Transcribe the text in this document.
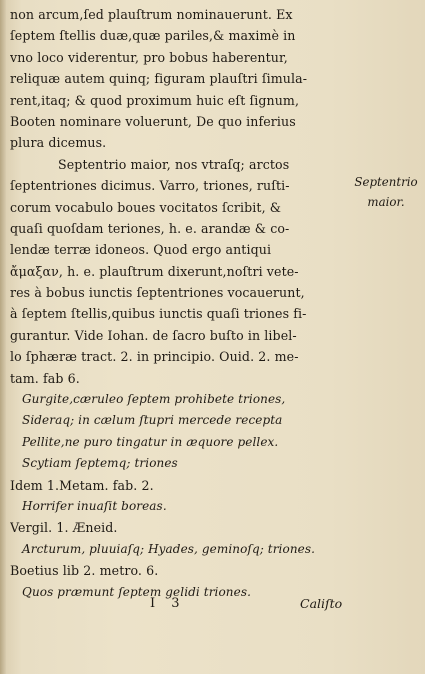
non arcum,ſed plauſtrum nominauerunt. Ex
ſeptem ſtellis duæ,quæ pariles,& maximè in
vno loco viderentur, pro bobus haberentur,
reliquæ autem quinq; figuram plauſtri ſimula-
rent,itaq; & quod proximum huic eſt ſignum,
Booten nominare voluerunt, De quo inferius
plura dicemus.
Septentrio maior, nos vtraſq; arctos
ſeptentriones dicimus. Varro, triones, ruſti-
corum vocabulo boues vocitatos ſcribit, &
quaſi quoſdam teriones, h. e. arandæ & co-
lendæ terræ idoneos. Quod ergo antiqui
ἄμαξαν, h. e. plauſtrum dixerunt,noſtri vete-
res à bobus iunctis ſeptentriones vocauerunt,
à ſeptem ſtellis,quibus iunctis quaſi triones fi-
gurantur. Vide Iohan. de ſacro buſto in libel-
lo ſphæræ tract. 2. in principio. Ouid. 2. me-
tam. fab 6.
Gurgite,cæruleo ſeptem prohibete triones,
Sideraq; in cælum ſtupri mercede recepta
Pellite,ne puro tingatur in æquore pellex.
Scytiam ſeptemq; triones
Idem 1.Metam. fab. 2.
Horrifer inuaſit boreas.
Vergil. 1. Æneid.
Arcturum, pluuiaſq; Hyades, geminoſq; triones.
Boetius lib 2. metro. 6.
Quos præmunt ſeptem gelidi triones.
Septentrio maior.
I 3	Caliſto
